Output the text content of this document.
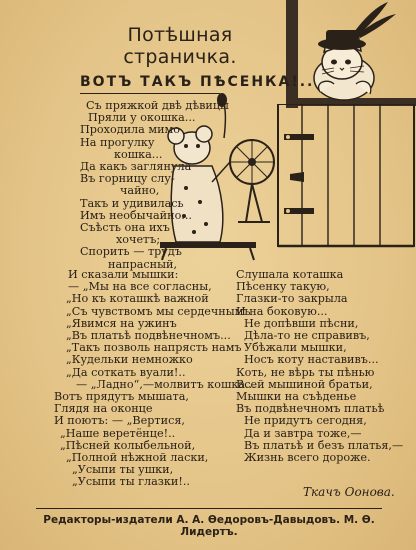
Потѣшная страничка.
ВОТЪ ТАКЪ ПѢСЕНКА!..
Съ пряжкой двѣ дѣвицы
Пряли у окошка...
Проходила мимо
На прогулку
кошка...
Да какъ заглянула
Въ горницу слу-
чайно,
Такъ и удивилась
Имъ необычайно...
Съѣсть она ихъ
хочетъ;
Спорить — трудъ
напрасный,
И сказали мышки:
— „Мы на все согласны,
„Но къ коташкѣ важной
„Съ чувствомъ мы сердечнымъ
„Явимся на ужинъ
„Въ платьѣ подвѣнечномъ...
„Такъ позволь напрясть намъ
„Кудельки немножко
„Да соткать вуали!..
— „Ладно“,—молвитъ кошка...
Вотъ прядутъ мышата,
Глядя на оконце
И поютъ: — „Вертися,
„Наше веретёнце!..
„Пѣсней колыбельной,
„Полной нѣжной ласки,
„Усыпи ты ушки,
„Усыпи ты глазки!..
Слушала коташка
Пѣсенку такую,
Глазки-то закрыла
И на боковую...
Не допѣвши пѣсни,
Дѣла-то не справивъ,
Убѣжали мышки,
Носъ коту наставивъ...
Коть, не вѣрь ты пѣнью
Всей мышиной братьи,
Мышки на съѣденье
Въ подвѣнечномъ платьѣ
Не придутъ сегодня,
Да и завтра тоже,—
Въ платьѣ и безъ платья,—
Жизнь всего дороже.
Ткачъ Оонова.
Редакторы-издатели А. А. Ѳедоровъ-Давыдовъ. М. Ѳ. Лидертъ.
